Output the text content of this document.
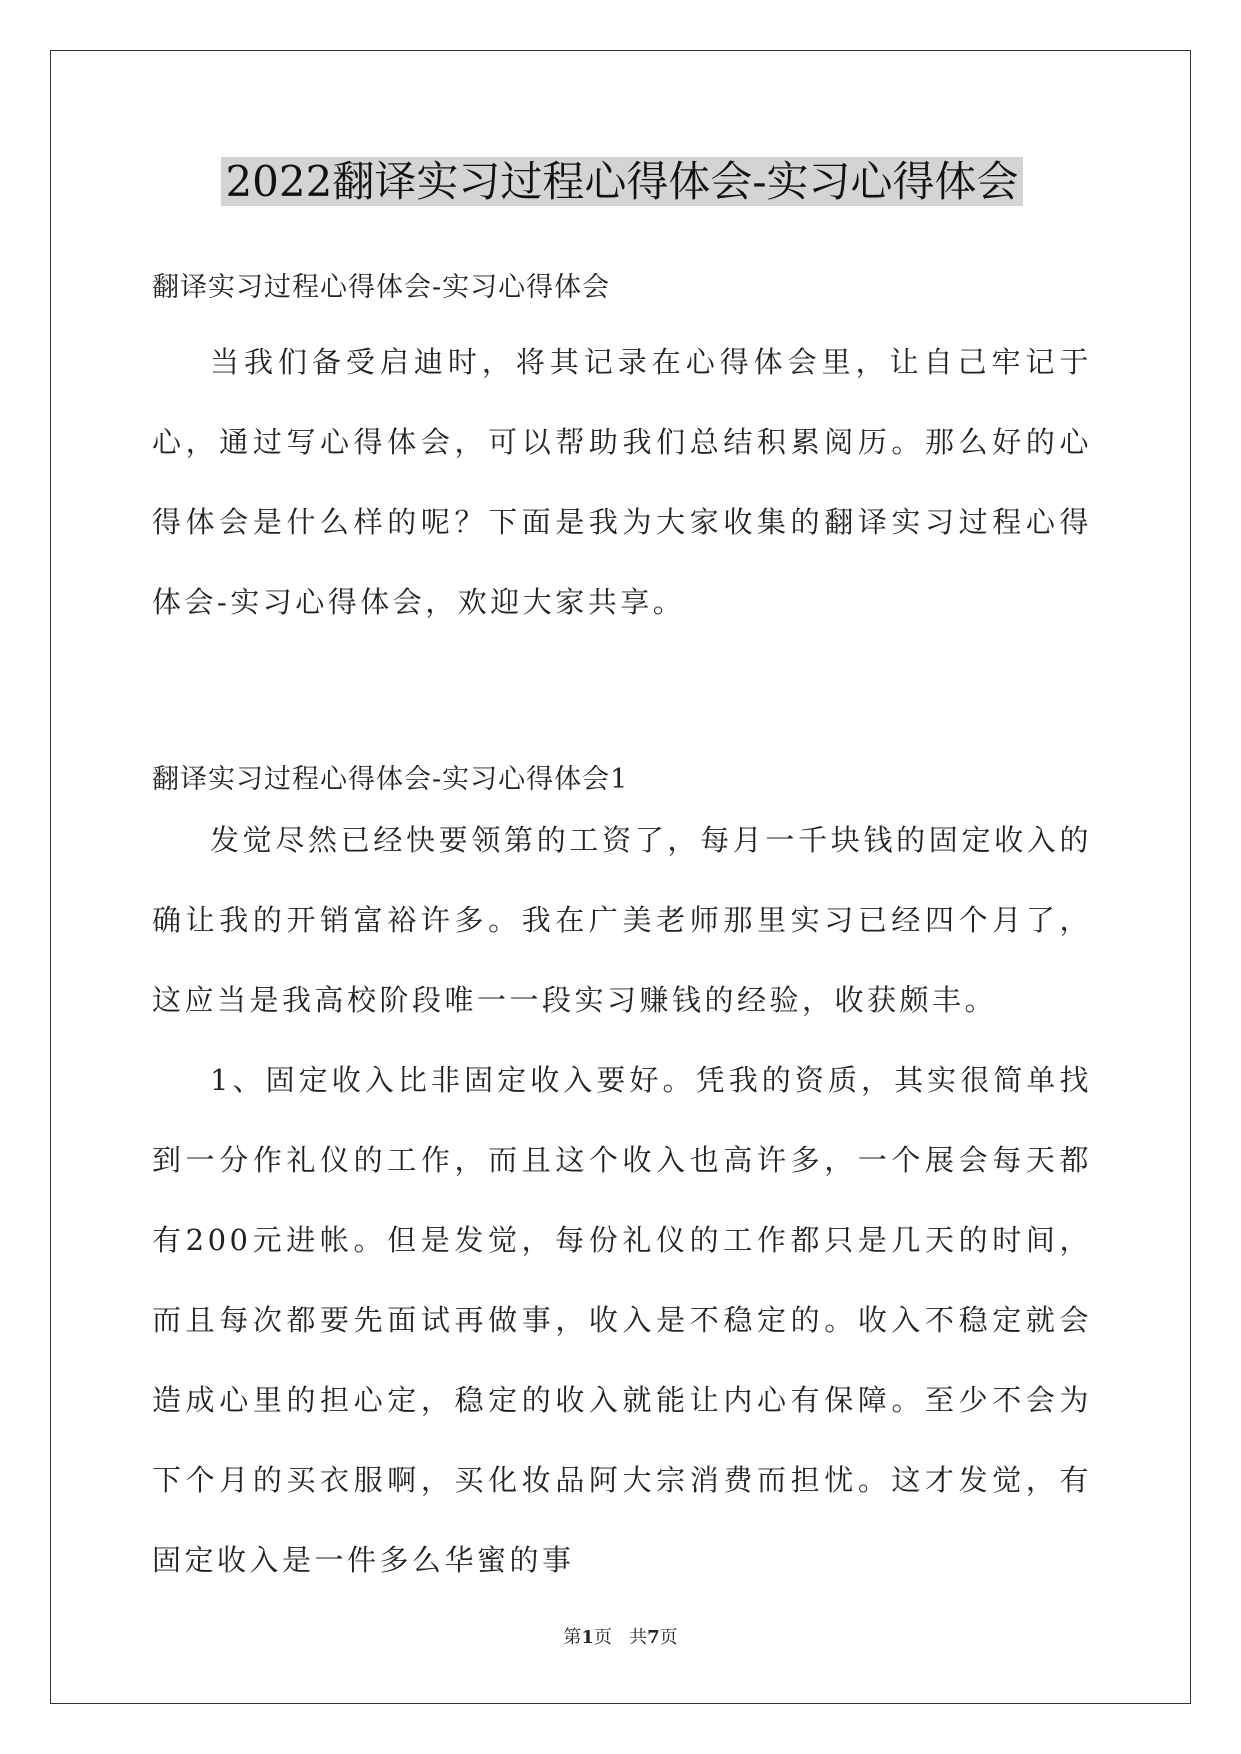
2022翻译实习过程心得体会-实习心得体会

翻译实习过程心得体会-实习心得体会

当我们备受启迪时，将其记录在心得体会里，让自己牢记于心，通过写心得体会，可以帮助我们总结积累阅历。那么好的心得体会是什么样的呢？下面是我为大家收集的翻译实习过程心得体会-实习心得体会，欢迎大家共享。

翻译实习过程心得体会-实习心得体会1

发觉尽然已经快要领第的工资了，每月一千块钱的固定收入的确让我的开销富裕许多。我在广美老师那里实习已经四个月了，这应当是我高校阶段唯一一段实习赚钱的经验，收获颇丰。

1、固定收入比非固定收入要好。凭我的资质，其实很简单找到一分作礼仪的工作，而且这个收入也高许多，一个展会每天都有200元进帐。但是发觉，每份礼仪的工作都只是几天的时间，而且每次都要先面试再做事，收入是不稳定的。收入不稳定就会造成心里的担心定，稳定的收入就能让内心有保障。至少不会为下个月的买衣服啊，买化妆品阿大宗消费而担忧。这才发觉，有固定收入是一件多么华蜜的事

第1页 共7页
